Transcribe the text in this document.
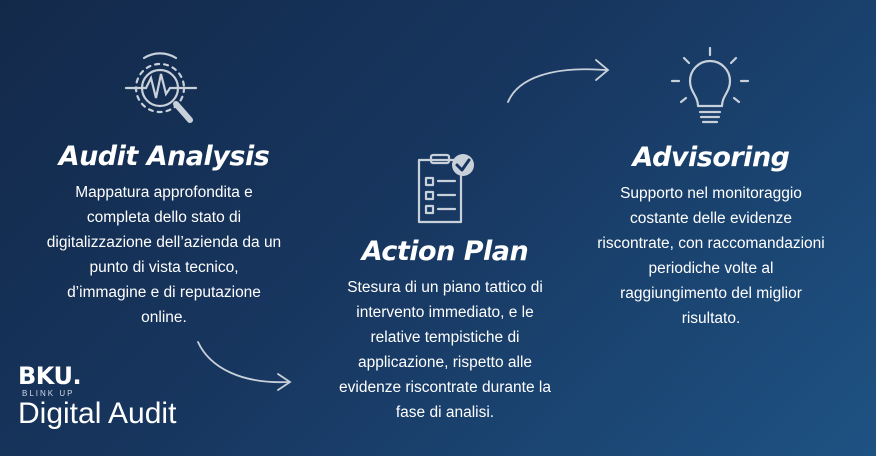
Audit Analysis

Mappatura approfondita e

completa dello stato di

digitalizzazione dell’azienda da un

punto di vista tecnico,

d’immagine e di reputazione

online.

Action Plan

Stesura di un piano tattico di

intervento immediato, e le

relative tempistiche di

applicazione, rispetto alle

evidenze riscontrate durante la

fase di analisi.

Advisoring

Supporto nel monitoraggio

costante delle evidenze

riscontrate, con raccomandazioni

periodiche volte al

raggiungimento del miglior

risultato.

BKU.
BLINK UP
Digital Audit
